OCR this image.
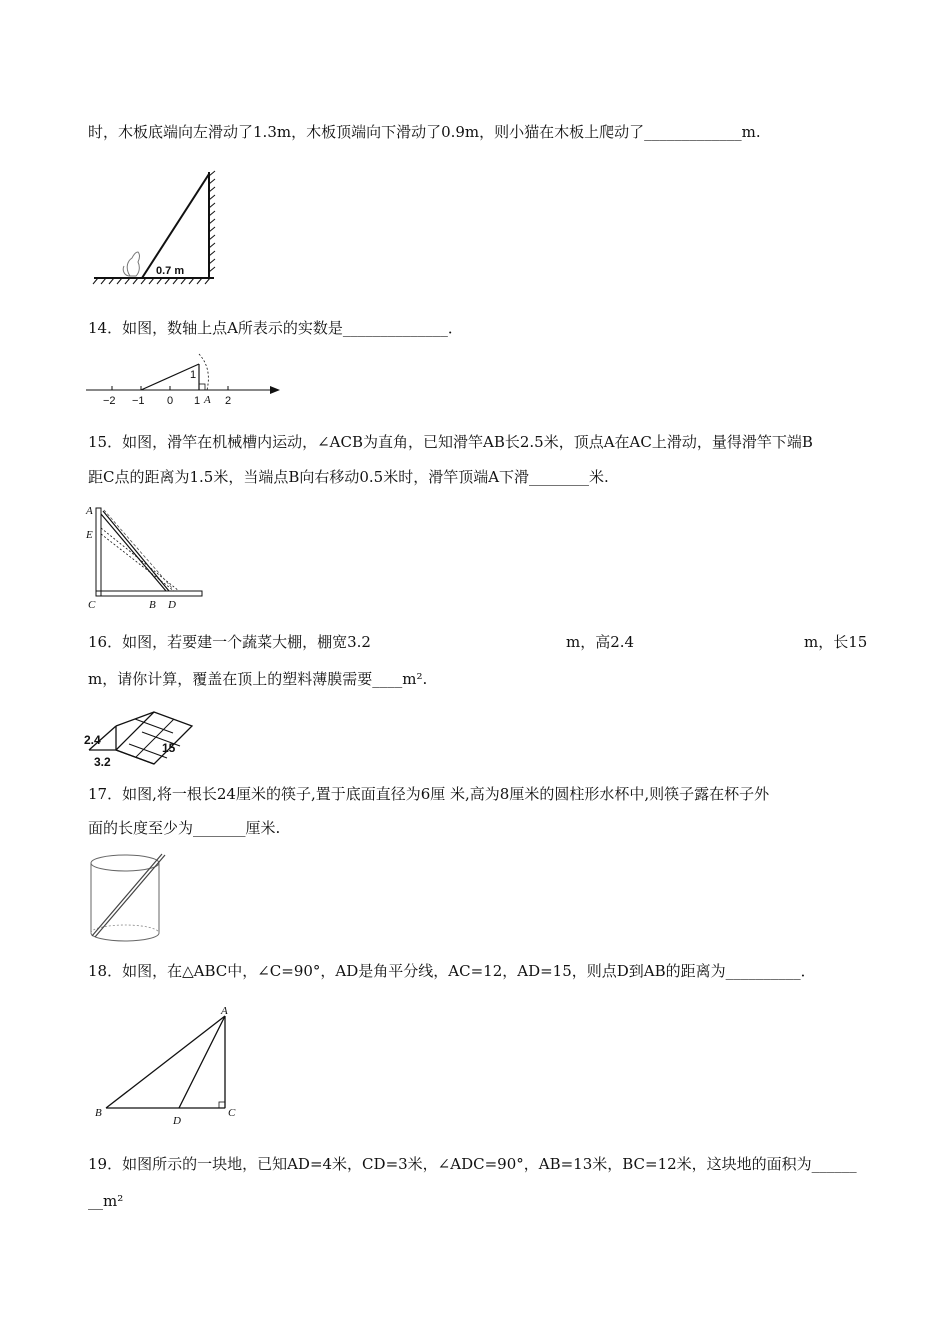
时，木板底端向左滑动了1.3m，木板顶端向下滑动了0.9m，则小猫在木板上爬动了_____________m.
0.7 m
14．如图，数轴上点A所表示的实数是______________．
1
−2 −1 0 1 A 2
15．如图，滑竿在机械槽内运动，∠ACB为直角，已知滑竿AB长2.5米，顶点A在AC上滑动，量得滑竿下端B
距C点的距离为1.5米，当端点B向右移动0.5米时，滑竿顶端A下滑________米.
A
E
C	B D
16．如图，若要建一个蔬菜大棚，棚宽3.2	m，高2.4	m，长15
m，请你计算，覆盖在顶上的塑料薄膜需要____m².
2.4
3.2
15
17．如图,将一根长24厘米的筷子,置于底面直径为6厘 米,高为8厘米的圆柱形水杯中,则筷子露在杯子外
面的长度至少为_______厘米.
18．如图，在△ABC中，∠C=90°，AD是角平分线，AC=12，AD=15，则点D到AB的距离为__________．
A
B	C
D
19．如图所示的一块地，已知AD=4米，CD=3米，∠ADC=90°，AB=13米，BC=12米，这块地的面积为______
__m²
